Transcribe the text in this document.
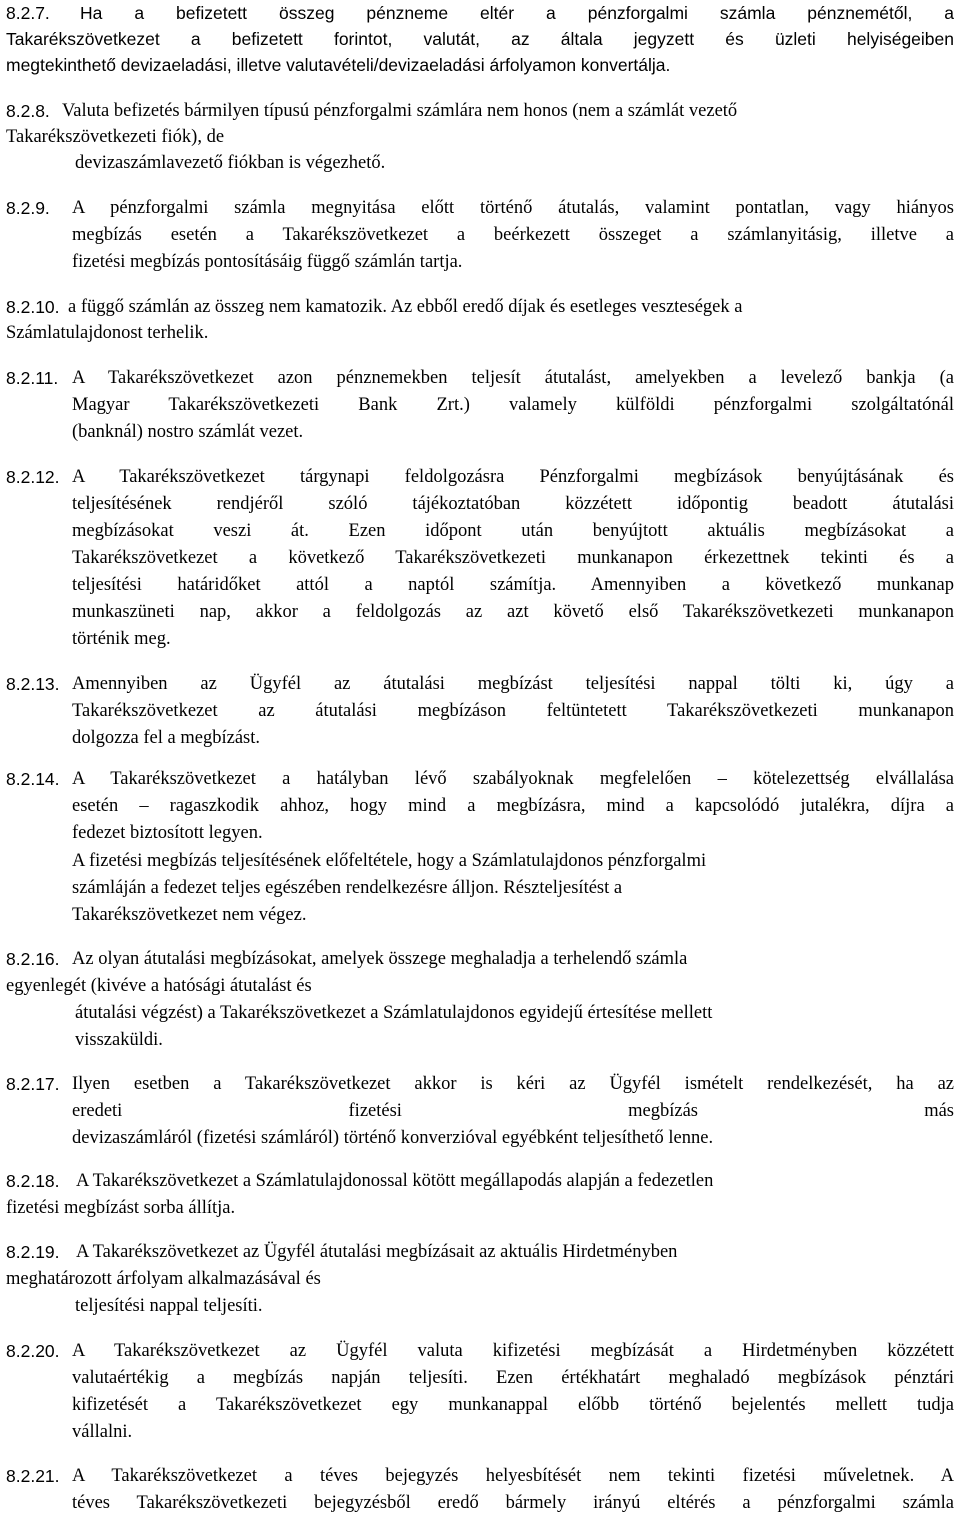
8.2.7. Ha a befizetett összeg pénzneme eltér a pénzforgalmi számla pénznemétől, a
Takarékszövetkezet a befizetett forintot, valutát, az általa jegyzett és üzleti helyiségeiben
megtekinthető devizaeladási, illetve valutavételi/devizaeladási árfolyamon konvertálja.
8.2.8. Valuta befizetés bármilyen típusú pénzforgalmi számlára nem honos (nem a számlát vezető
Takarékszövetkezeti fiók), de
devizaszámlavezető fiókban is végezhető.
8.2.9. A pénzforgalmi számla megnyitása előtt történő átutalás, valamint pontatlan, vagy hiányos
megbízás esetén a Takarékszövetkezet a beérkezett összeget a számlanyitásig, illetve a
fizetési megbízás pontosításáig függő számlán tartja.
8.2.10. a függő számlán az összeg nem kamatozik. Az ebből eredő díjak és esetleges veszteségek a
Számlatulajdonost terhelik.
8.2.11. A Takarékszövetkezet azon pénznemekben teljesít átutalást, amelyekben a levelező bankja (a
Magyar Takarékszövetkezeti Bank Zrt.) valamely külföldi pénzforgalmi szolgáltatónál
(banknál) nostro számlát vezet.
8.2.12. A Takarékszövetkezet tárgynapi feldolgozásra Pénzforgalmi megbízások benyújtásának és
teljesítésének rendjéről szóló tájékoztatóban közzétett időpontig beadott átutalási
megbízásokat veszi át. Ezen időpont után benyújtott aktuális megbízásokat a
Takarékszövetkezet a következő Takarékszövetkezeti munkanapon érkezettnek tekinti és a
teljesítési határidőket attól a naptól számítja. Amennyiben a következő munkanap
munkaszüneti nap, akkor a feldolgozás az azt követő első Takarékszövetkezeti munkanapon
történik meg.
8.2.13. Amennyiben az Ügyfél az átutalási megbízást teljesítési nappal tölti ki, úgy a
Takarékszövetkezet az átutalási megbízáson feltüntetett Takarékszövetkezeti munkanapon
dolgozza fel a megbízást.
8.2.14. A Takarékszövetkezet a hatályban lévő szabályoknak megfelelően – kötelezettség elvállalása
esetén – ragaszkodik ahhoz, hogy mind a megbízásra, mind a kapcsolódó jutalékra, díjra a
fedezet biztosított legyen.
A fizetési megbízás teljesítésének előfeltétele, hogy a Számlatulajdonos pénzforgalmi
számláján a fedezet teljes egészében rendelkezésre álljon. Részteljesítést a
Takarékszövetkezet nem végez.
8.2.16. Az olyan átutalási megbízásokat, amelyek összege meghaladja a terhelendő számla
egyenlegét (kivéve a hatósági átutalást és
átutalási végzést) a Takarékszövetkezet a Számlatulajdonos egyidejű értesítése mellett
visszaküldi.
8.2.17. Ilyen esetben a Takarékszövetkezet akkor is kéri az Ügyfél ismételt rendelkezését, ha az
eredeti fizetési megbízás más
devizaszámláról (fizetési számláról) történő konverzióval egyébként teljesíthető lenne.
8.2.18. A Takarékszövetkezet a Számlatulajdonossal kötött megállapodás alapján a fedezetlen
fizetési megbízást sorba állítja.
8.2.19. A Takarékszövetkezet az Ügyfél átutalási megbízásait az aktuális Hirdetményben
meghatározott árfolyam alkalmazásával és
teljesítési nappal teljesíti.
8.2.20. A Takarékszövetkezet az Ügyfél valuta kifizetési megbízását a Hirdetményben közzétett
valutaértékig a megbízás napján teljesíti. Ezen értékhatárt meghaladó megbízások pénztári
kifizetését a Takarékszövetkezet egy munkanappal előbb történő bejelentés mellett tudja
vállalni.
8.2.21. A Takarékszövetkezet a téves bejegyzés helyesbítését nem tekinti fizetési műveletnek. A
téves Takarékszövetkezeti bejegyzésből eredő bármely irányú eltérés a pénzforgalmi számla
